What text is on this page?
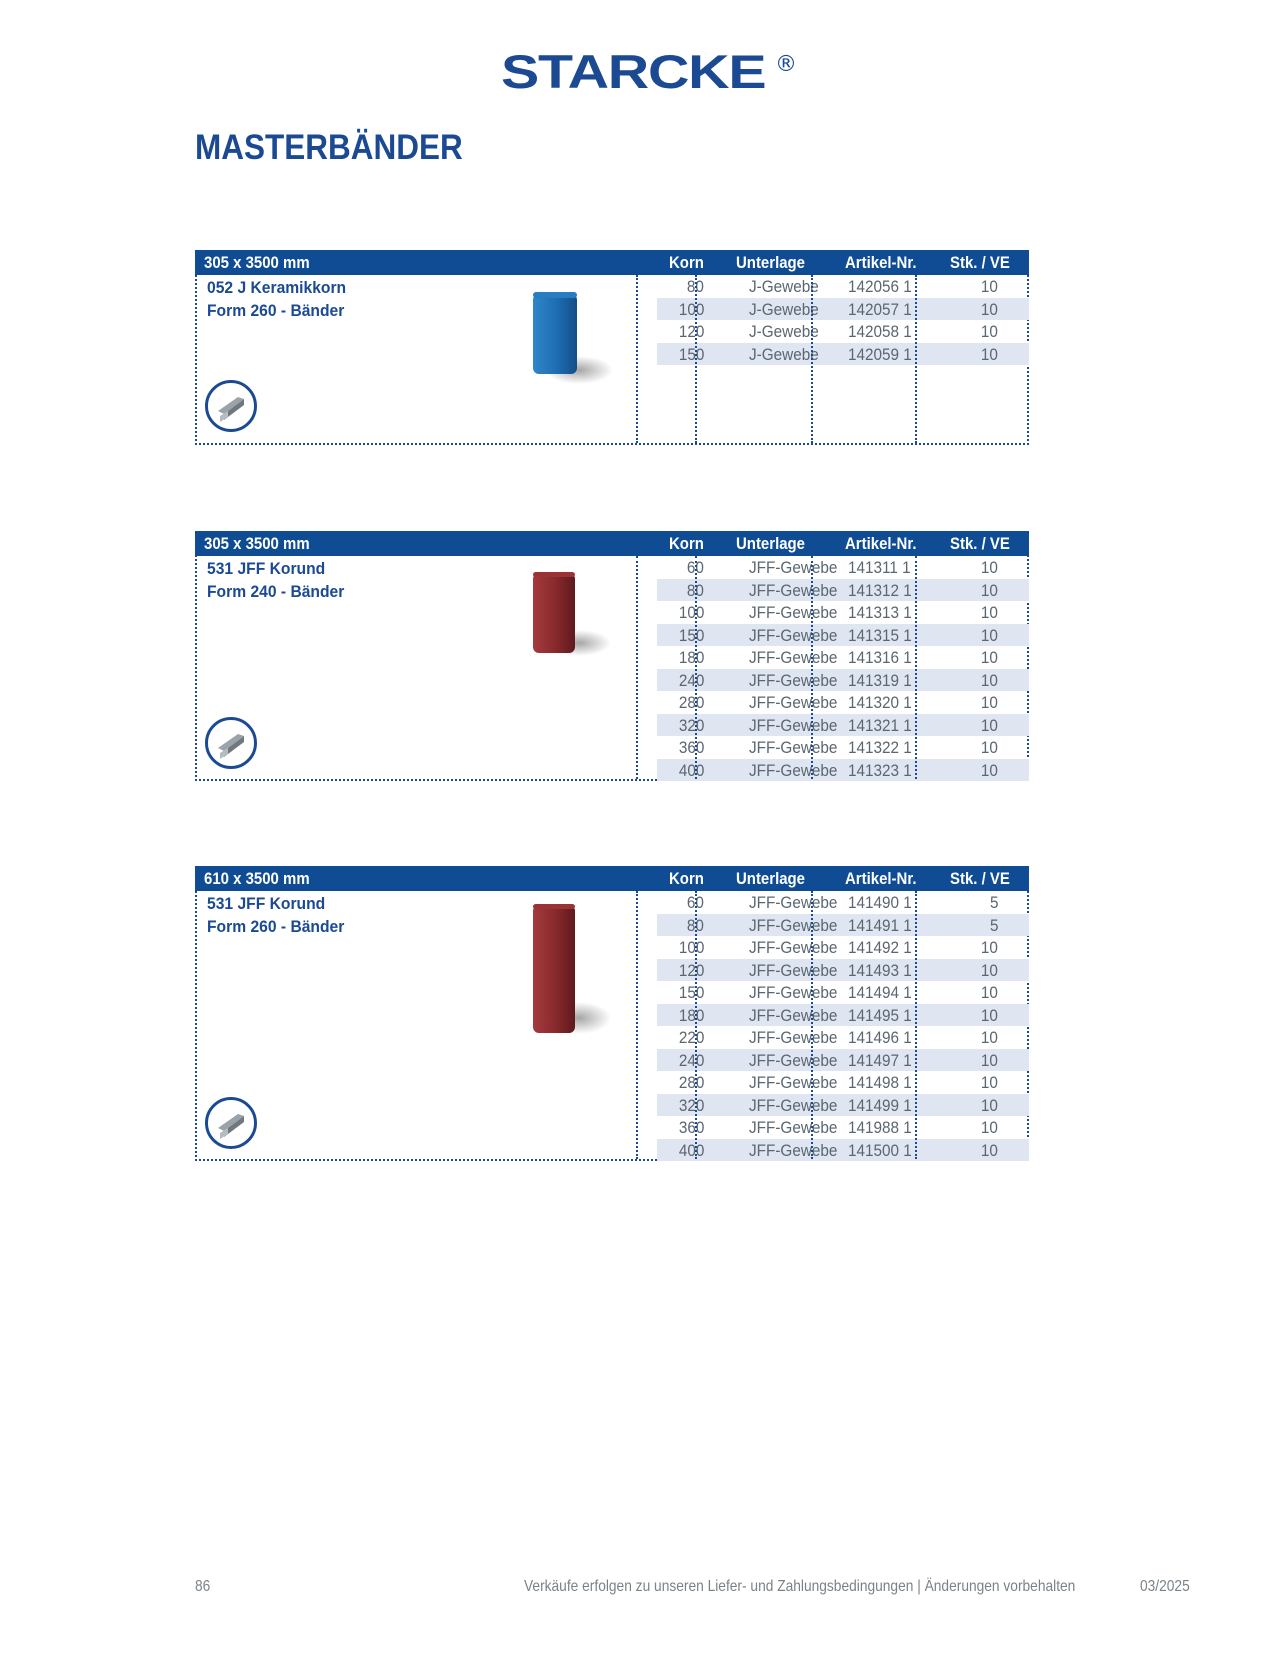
STARCKE ®
MASTERBÄNDER
305 x 3500 mm	Korn Unterlage Artikel-Nr. Stk. / VE
052 J Keramikkorn
Form 260 - Bänder
80	J-Gewebe 142056 1	10
100	J-Gewebe 142057 1	10
120	J-Gewebe 142058 1	10
150	J-Gewebe 142059 1	10
305 x 3500 mm	Korn Unterlage Artikel-Nr. Stk. / VE
531 JFF Korund
Form 240 - Bänder
60	JFF-Gewebe 141311 1	10
80	JFF-Gewebe 141312 1	10
100	JFF-Gewebe 141313 1	10
150	JFF-Gewebe 141315 1	10
180	JFF-Gewebe 141316 1	10
240	JFF-Gewebe 141319 1	10
280	JFF-Gewebe 141320 1	10
320	JFF-Gewebe 141321 1	10
360	JFF-Gewebe 141322 1	10
400	JFF-Gewebe 141323 1	10
610 x 3500 mm	Korn Unterlage Artikel-Nr. Stk. / VE
531 JFF Korund
Form 260 - Bänder
60	JFF-Gewebe 141490 1	5
80	JFF-Gewebe 141491 1	5
100	JFF-Gewebe 141492 1	10
120	JFF-Gewebe 141493 1	10
150	JFF-Gewebe 141494 1	10
180	JFF-Gewebe 141495 1	10
220	JFF-Gewebe 141496 1	10
240	JFF-Gewebe 141497 1	10
280	JFF-Gewebe 141498 1	10
320	JFF-Gewebe 141499 1	10
360	JFF-Gewebe 141988 1	10
400	JFF-Gewebe 141500 1	10
86	Verkäufe erfolgen zu unseren Liefer- und Zahlungsbedingungen | Änderungen vorbehalten	03/2025
